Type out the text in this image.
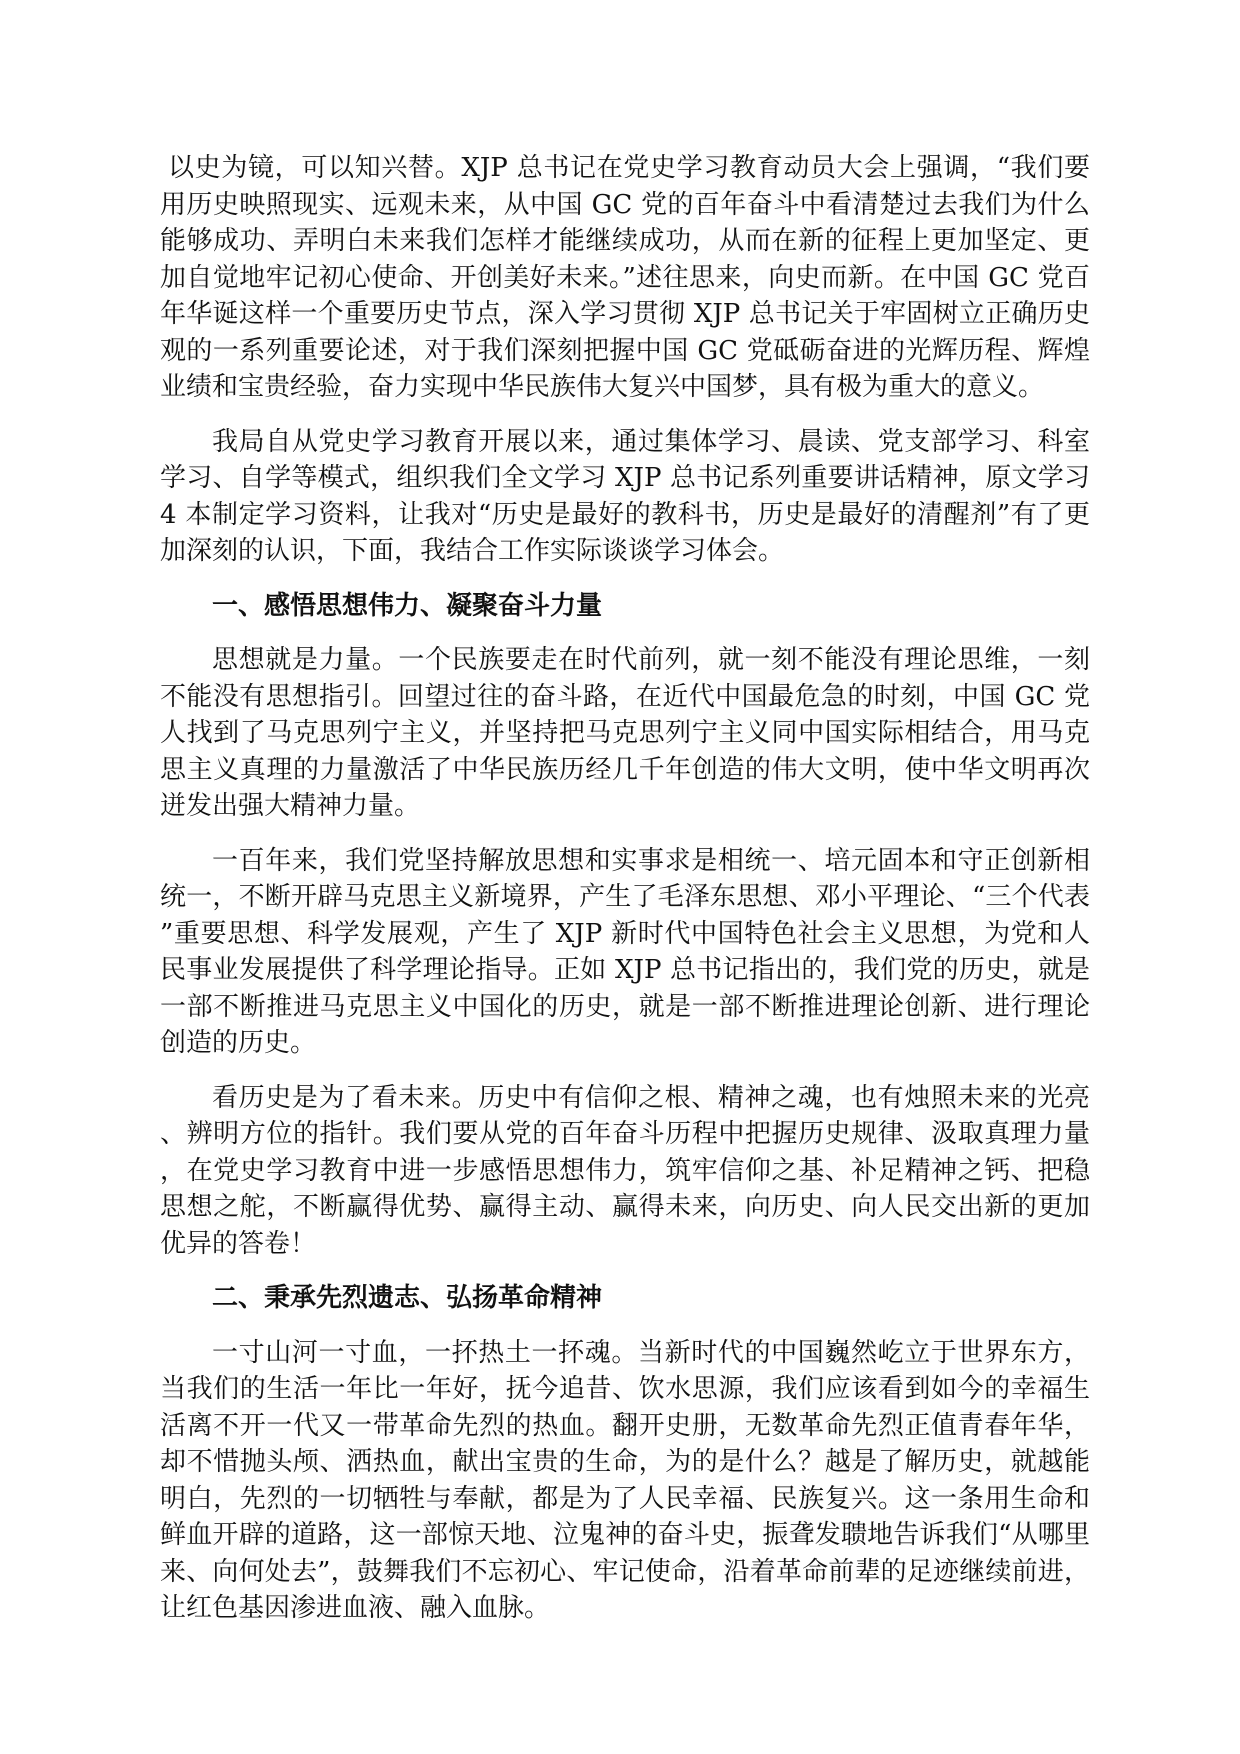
以史为镜，可以知兴替。XJP 总书记在党史学习教育动员大会上强调，“我们要用历史映照现实、远观未来，从中国 GC 党的百年奋斗中看清楚过去我们为什么能够成功、弄明白未来我们怎样才能继续成功，从而在新的征程上更加坚定、更加自觉地牢记初心使命、开创美好未来。”述往思来，向史而新。在中国 GC 党百年华诞这样一个重要历史节点，深入学习贯彻 XJP 总书记关于牢固树立正确历史观的一系列重要论述，对于我们深刻把握中国 GC 党砥砺奋进的光辉历程、辉煌业绩和宝贵经验，奋力实现中华民族伟大复兴中国梦，具有极为重大的意义。

我局自从党史学习教育开展以来，通过集体学习、晨读、党支部学习、科室学习、自学等模式，组织我们全文学习 XJP 总书记系列重要讲话精神，原文学习 4 本制定学习资料，让我对“历史是最好的教科书，历史是最好的清醒剂”有了更加深刻的认识，下面，我结合工作实际谈谈学习体会。

一、感悟思想伟力、凝聚奋斗力量

思想就是力量。一个民族要走在时代前列，就一刻不能没有理论思维，一刻不能没有思想指引。回望过往的奋斗路，在近代中国最危急的时刻，中国 GC 党人找到了马克思列宁主义，并坚持把马克思列宁主义同中国实际相结合，用马克思主义真理的力量激活了中华民族历经几千年创造的伟大文明，使中华文明再次迸发出强大精神力量。

一百年来，我们党坚持解放思想和实事求是相统一、培元固本和守正创新相统一，不断开辟马克思主义新境界，产生了毛泽东思想、邓小平理论、“三个代表”重要思想、科学发展观，产生了 XJP 新时代中国特色社会主义思想，为党和人民事业发展提供了科学理论指导。正如 XJP 总书记指出的，我们党的历史，就是一部不断推进马克思主义中国化的历史，就是一部不断推进理论创新、进行理论创造的历史。

看历史是为了看未来。历史中有信仰之根、精神之魂，也有烛照未来的光亮、辨明方位的指针。我们要从党的百年奋斗历程中把握历史规律、汲取真理力量，在党史学习教育中进一步感悟思想伟力，筑牢信仰之基、补足精神之钙、把稳思想之舵，不断赢得优势、赢得主动、赢得未来，向历史、向人民交出新的更加优异的答卷！

二、秉承先烈遗志、弘扬革命精神

一寸山河一寸血，一抔热土一抔魂。当新时代的中国巍然屹立于世界东方，当我们的生活一年比一年好，抚今追昔、饮水思源，我们应该看到如今的幸福生活离不开一代又一带革命先烈的热血。翻开史册，无数革命先烈正值青春年华，却不惜抛头颅、洒热血，献出宝贵的生命，为的是什么？越是了解历史，就越能明白，先烈的一切牺牲与奉献，都是为了人民幸福、民族复兴。这一条用生命和鲜血开辟的道路，这一部惊天地、泣鬼神的奋斗史，振聋发聩地告诉我们“从哪里来、向何处去”，鼓舞我们不忘初心、牢记使命，沿着革命前辈的足迹继续前进，让红色基因渗进血液、融入血脉。
